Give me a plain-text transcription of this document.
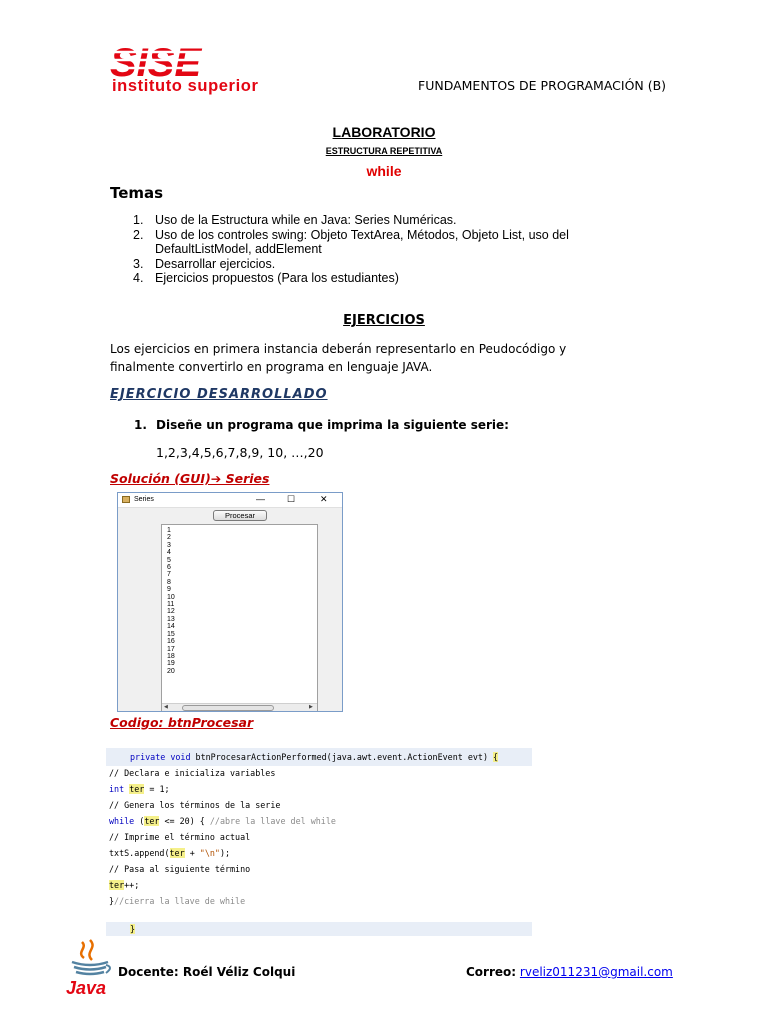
SISE
instituto superior	FUNDAMENTOS DE PROGRAMACIÓN (B)
LABORATORIO
ESTRUCTURA REPETITIVA
while
Temas
1. Uso de la Estructura while en Java: Series Numéricas.
2. Uso de los controles swing: Objeto TextArea, Métodos, Objeto List, uso del DefaultListModel, addElement
3. Desarrollar ejercicios.
4. Ejercicios propuestos (Para los estudiantes)
EJERCICIOS
Los ejercicios en primera instancia deberán representarlo en Peudocódigo y finalmente convertirlo en programa en lenguaje JAVA.
EJERCICIO DESARROLLADO
1. Diseñe un programa que imprima la siguiente serie:
1,2,3,4,5,6,7,8,9, 10, …,20
Solución (GUI)➔ Series
Series	— ☐	✕
Procesar
1
2
3
4
5
6
7
8
9
10
11
12
13
14
15
16
17
18
19
20
◀	▶
Codigo: btnProcesar
private void btnProcesarActionPerformed(java.awt.event.ActionEvent evt) {
// Declara e inicializa variables
int ter = 1;
// Genera los términos de la serie
while (ter <= 20) { //abre la llave del while
// Imprime el término actual
txtS.append(ter + "\n");
// Pasa al siguiente término
ter++;
}//cierra la llave de while
}
Java
Docente: Roél Véliz Colqui	Correo: rveliz011231@gmail.com
